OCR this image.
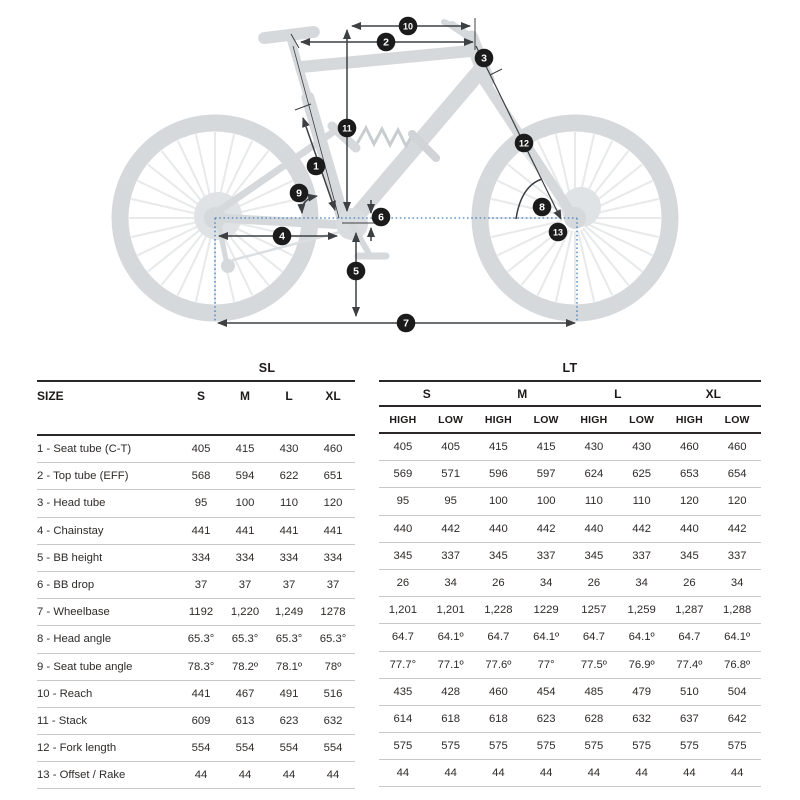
1
2
3
4
5
6
7
8
9
10
11
12
13
SL
SIZE	S	M	L	XL
1 - Seat tube (C-T)	405	415	430	460
2 - Top tube (EFF)	568	594	622	651
3 - Head tube	95	100	110	120
4 - Chainstay	441	441	441	441
5 - BB height	334	334	334	334
6 - BB drop	37	37	37	37
7 - Wheelbase	1192	1,220	1,249	1278
8 - Head angle	65.3°	65.3°	65.3°	65.3°
9 - Seat tube angle	78.3°	78.2º	78.1º	78º
10 - Reach	441	467	491	516
11 - Stack	609	613	623	632
12 - Fork length	554	554	554	554
13 - Offset / Rake	44	44	44	44
LT
S	M	L	XL
HIGH	LOW	HIGH	LOW	HIGH	LOW	HIGH	LOW
405	405	415	415	430	430	460	460
569	571	596	597	624	625	653	654
95	95	100	100	110	110	120	120
440	442	440	442	440	442	440	442
345	337	345	337	345	337	345	337
26	34	26	34	26	34	26	34
1,201	1,201	1,228	1229	1257	1,259	1,287	1,288
64.7	64.1º	64.7	64.1º	64.7	64.1º	64.7	64.1º
77.7°	77.1º	77.6º	77°	77.5º	76.9º	77.4º	76.8º
435	428	460	454	485	479	510	504
614	618	618	623	628	632	637	642
575	575	575	575	575	575	575	575
44	44	44	44	44	44	44	44
